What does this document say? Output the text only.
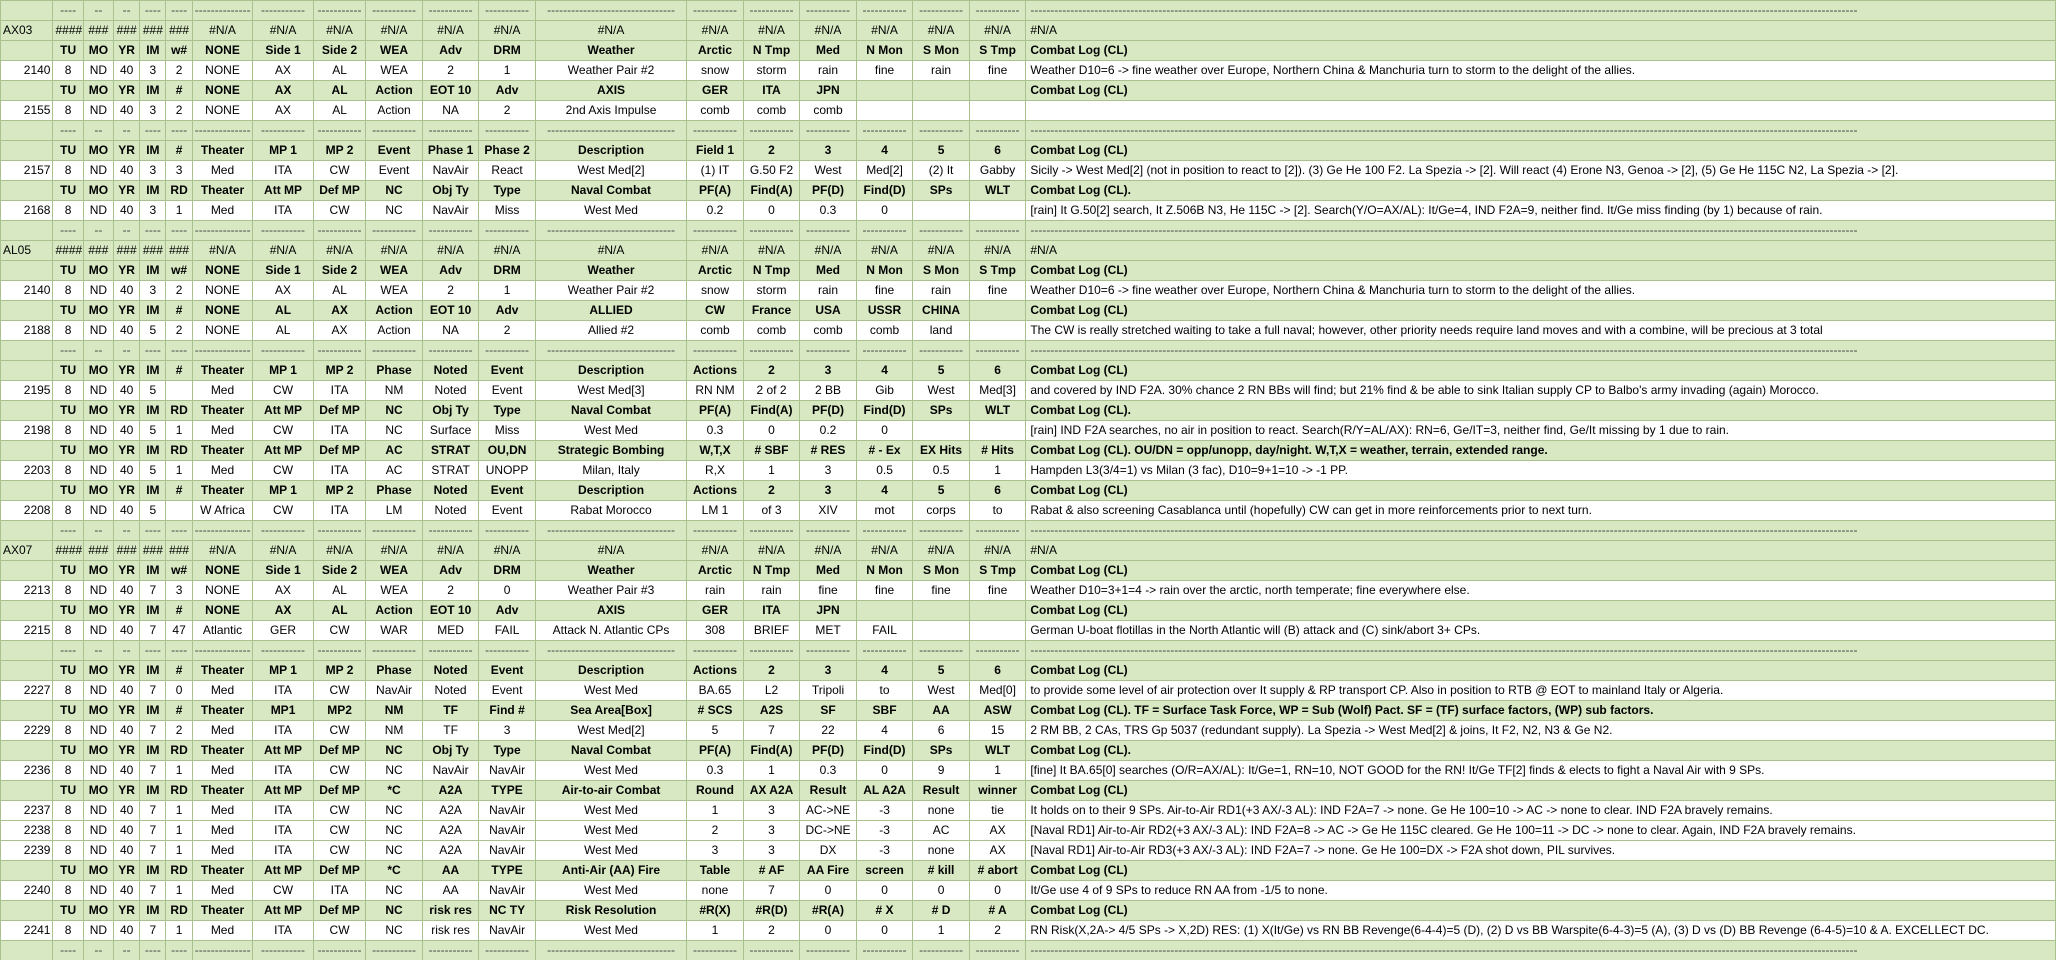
	----	--	--	----	----	--------------	-----------	-----------	-----------	-----------	-----------	--------------------------------	-----------	-----------	-----------	-----------	-----------	-----------	---------------------------------------------------------------------------------------------------------------------------------------------------------------------------------------------------------------
AX03	####	###	###	###	###	#N/A	#N/A	#N/A	#N/A	#N/A	#N/A	#N/A	#N/A	#N/A	#N/A	#N/A	#N/A	#N/A	#N/A
	TU	MO	YR	IM	w#	NONE	Side 1	Side 2	WEA	Adv	DRM	Weather	Arctic	N Tmp	Med	N Mon	S Mon	S Tmp	Combat Log (CL)
2140	8	ND	40	3	2	NONE	AX	AL	WEA	2	1	Weather Pair #2	snow	storm	rain	fine	rain	fine	Weather D10=6 -> fine weather over Europe, Northern China & Manchuria turn to storm to the delight of the allies.
	TU	MO	YR	IM	#	NONE	AX	AL	Action	EOT 10	Adv	AXIS	GER	ITA	JPN				Combat Log (CL)
2155	8	ND	40	3	2	NONE	AX	AL	Action	NA	2	2nd Axis Impulse	comb	comb	comb				
	----	--	--	----	----	--------------	-----------	-----------	-----------	-----------	-----------	--------------------------------	-----------	-----------	-----------	-----------	-----------	-----------	---------------------------------------------------------------------------------------------------------------------------------------------------------------------------------------------------------------
	TU	MO	YR	IM	#	Theater	MP 1	MP 2	Event	Phase 1	Phase 2	Description	Field 1	2	3	4	5	6	Combat Log (CL)
2157	8	ND	40	3	3	Med	ITA	CW	Event	NavAir	React	West Med[2]	(1) IT	G.50 F2	West	Med[2]	(2) It	Gabby	Sicily -> West Med[2] (not in position to react to [2]). (3) Ge He 100 F2. La Spezia -> [2]. Will react (4) Erone N3, Genoa -> [2], (5) Ge He 115C N2, La Spezia -> [2].
	TU	MO	YR	IM	RD	Theater	Att MP	Def MP	NC	Obj Ty	Type	Naval Combat	PF(A)	Find(A)	PF(D)	Find(D)	SPs	WLT	Combat Log (CL).
2168	8	ND	40	3	1	Med	ITA	CW	NC	NavAir	Miss	West Med	0.2	0	0.3	0			[rain] It G.50[2] search, It Z.506B N3, He 115C -> [2]. Search(Y/O=AX/AL): It/Ge=4, IND F2A=9, neither find. It/Ge miss finding (by 1) because of rain.
	----	--	--	----	----	--------------	-----------	-----------	-----------	-----------	-----------	--------------------------------	-----------	-----------	-----------	-----------	-----------	-----------	---------------------------------------------------------------------------------------------------------------------------------------------------------------------------------------------------------------
AL05	####	###	###	###	###	#N/A	#N/A	#N/A	#N/A	#N/A	#N/A	#N/A	#N/A	#N/A	#N/A	#N/A	#N/A	#N/A	#N/A
	TU	MO	YR	IM	w#	NONE	Side 1	Side 2	WEA	Adv	DRM	Weather	Arctic	N Tmp	Med	N Mon	S Mon	S Tmp	Combat Log (CL)
2140	8	ND	40	3	2	NONE	AX	AL	WEA	2	1	Weather Pair #2	snow	storm	rain	fine	rain	fine	Weather D10=6 -> fine weather over Europe, Northern China & Manchuria turn to storm to the delight of the allies.
	TU	MO	YR	IM	#	NONE	AL	AX	Action	EOT 10	Adv	ALLIED	CW	France	USA	USSR	CHINA		Combat Log (CL)
2188	8	ND	40	5	2	NONE	AL	AX	Action	NA	2	Allied #2	comb	comb	comb	comb	land		The CW is really stretched waiting to take a full naval; however, other priority needs require land moves and with a combine, will be precious at 3 total
	----	--	--	----	----	--------------	-----------	-----------	-----------	-----------	-----------	--------------------------------	-----------	-----------	-----------	-----------	-----------	-----------	---------------------------------------------------------------------------------------------------------------------------------------------------------------------------------------------------------------
	TU	MO	YR	IM	#	Theater	MP 1	MP 2	Phase	Noted	Event	Description	Actions	2	3	4	5	6	Combat Log (CL)
2195	8	ND	40	5		Med	CW	ITA	NM	Noted	Event	West Med[3]	RN NM	2 of 2	2 BB	Gib	West	Med[3]	and covered by IND F2A. 30% chance 2 RN BBs will find; but 21% find & be able to sink Italian supply CP to Balbo's army invading (again) Morocco.
	TU	MO	YR	IM	RD	Theater	Att MP	Def MP	NC	Obj Ty	Type	Naval Combat	PF(A)	Find(A)	PF(D)	Find(D)	SPs	WLT	Combat Log (CL).
2198	8	ND	40	5	1	Med	CW	ITA	NC	Surface	Miss	West Med	0.3	0	0.2	0			[rain] IND F2A searches, no air in position to react. Search(R/Y=AL/AX): RN=6, Ge/IT=3, neither find, Ge/It missing by 1 due to rain.
	TU	MO	YR	IM	RD	Theater	Att MP	Def MP	AC	STRAT	OU,DN	Strategic Bombing	W,T,X	# SBF	# RES	# - Ex	EX Hits	# Hits	Combat Log (CL). OU/DN = opp/unopp, day/night. W,T,X = weather, terrain, extended range.
2203	8	ND	40	5	1	Med	CW	ITA	AC	STRAT	UNOPP	Milan, Italy	R,X	1	3	0.5	0.5	1	Hampden L3(3/4=1) vs Milan (3 fac), D10=9+1=10 -> -1 PP.
	TU	MO	YR	IM	#	Theater	MP 1	MP 2	Phase	Noted	Event	Description	Actions	2	3	4	5	6	Combat Log (CL)
2208	8	ND	40	5		W Africa	CW	ITA	LM	Noted	Event	Rabat Morocco	LM 1	of 3	XIV	mot	corps	to	Rabat & also screening Casablanca until (hopefully) CW can get in more reinforcements prior to next turn.
	----	--	--	----	----	--------------	-----------	-----------	-----------	-----------	-----------	--------------------------------	-----------	-----------	-----------	-----------	-----------	-----------	---------------------------------------------------------------------------------------------------------------------------------------------------------------------------------------------------------------
AX07	####	###	###	###	###	#N/A	#N/A	#N/A	#N/A	#N/A	#N/A	#N/A	#N/A	#N/A	#N/A	#N/A	#N/A	#N/A	#N/A
	TU	MO	YR	IM	w#	NONE	Side 1	Side 2	WEA	Adv	DRM	Weather	Arctic	N Tmp	Med	N Mon	S Mon	S Tmp	Combat Log (CL)
2213	8	ND	40	7	3	NONE	AX	AL	WEA	2	0	Weather Pair #3	rain	rain	fine	fine	fine	fine	Weather D10=3+1=4 -> rain over the arctic, north temperate; fine everywhere else.
	TU	MO	YR	IM	#	NONE	AX	AL	Action	EOT 10	Adv	AXIS	GER	ITA	JPN				Combat Log (CL)
2215	8	ND	40	7	47	Atlantic	GER	CW	WAR	MED	FAIL	Attack N. Atlantic CPs	308	BRIEF	MET	FAIL			German U-boat flotillas in the North Atlantic will (B) attack and (C) sink/abort 3+ CPs.
	----	--	--	----	----	--------------	-----------	-----------	-----------	-----------	-----------	--------------------------------	-----------	-----------	-----------	-----------	-----------	-----------	---------------------------------------------------------------------------------------------------------------------------------------------------------------------------------------------------------------
	TU	MO	YR	IM	#	Theater	MP 1	MP 2	Phase	Noted	Event	Description	Actions	2	3	4	5	6	Combat Log (CL)
2227	8	ND	40	7	0	Med	ITA	CW	NavAir	Noted	Event	West Med	BA.65	L2	Tripoli	to	West	Med[0]	to provide some level of air protection over It supply & RP transport CP. Also in position to RTB @ EOT to mainland Italy or Algeria.
	TU	MO	YR	IM	#	Theater	MP1	MP2	NM	TF	Find #	Sea Area[Box]	# SCS	A2S	SF	SBF	AA	ASW	Combat Log (CL). TF = Surface Task Force, WP = Sub (Wolf) Pact. SF = (TF) surface factors, (WP) sub factors.
2229	8	ND	40	7	2	Med	ITA	CW	NM	TF	3	West Med[2]	5	7	22	4	6	15	2 RM BB, 2 CAs, TRS Gp 5037 (redundant supply). La Spezia -> West Med[2] & joins, It F2, N2, N3 & Ge N2.
	TU	MO	YR	IM	RD	Theater	Att MP	Def MP	NC	Obj Ty	Type	Naval Combat	PF(A)	Find(A)	PF(D)	Find(D)	SPs	WLT	Combat Log (CL).
2236	8	ND	40	7	1	Med	ITA	CW	NC	NavAir	NavAir	West Med	0.3	1	0.3	0	9	1	[fine] It BA.65[0] searches (O/R=AX/AL): It/Ge=1, RN=10, NOT GOOD for the RN! It/Ge TF[2] finds & elects to fight a Naval Air with 9 SPs.
	TU	MO	YR	IM	RD	Theater	Att MP	Def MP	*C	A2A	TYPE	Air-to-air Combat	Round	AX A2A	Result	AL A2A	Result	winner	Combat Log (CL)
2237	8	ND	40	7	1	Med	ITA	CW	NC	A2A	NavAir	West Med	1	3	AC->NE	-3	none	tie	It holds on to their 9 SPs. Air-to-Air RD1(+3 AX/-3 AL): IND F2A=7 -> none. Ge He 100=10 -> AC -> none to clear. IND F2A bravely remains.
2238	8	ND	40	7	1	Med	ITA	CW	NC	A2A	NavAir	West Med	2	3	DC->NE	-3	AC	AX	[Naval RD1] Air-to-Air RD2(+3 AX/-3 AL): IND F2A=8 -> AC -> Ge He 115C cleared. Ge He 100=11 -> DC -> none to clear. Again, IND F2A bravely remains.
2239	8	ND	40	7	1	Med	ITA	CW	NC	A2A	NavAir	West Med	3	3	DX	-3	none	AX	[Naval RD1] Air-to-Air RD3(+3 AX/-3 AL): IND F2A=7 -> none. Ge He 100=DX -> F2A shot down, PIL survives.
	TU	MO	YR	IM	RD	Theater	Att MP	Def MP	*C	AA	TYPE	Anti-Air (AA) Fire	Table	# AF	AA Fire	screen	# kill	# abort	Combat Log (CL)
2240	8	ND	40	7	1	Med	CW	ITA	NC	AA	NavAir	West Med	none	7	0	0	0	0	It/Ge use 4 of 9 SPs to reduce RN AA from -1/5 to none.
	TU	MO	YR	IM	RD	Theater	Att MP	Def MP	NC	risk res	NC TY	Risk Resolution	#R(X)	#R(D)	#R(A)	# X	# D	# A	Combat Log (CL)
2241	8	ND	40	7	1	Med	ITA	CW	NC	risk res	NavAir	West Med	1	2	0	0	1	2	RN Risk(X,2A-> 4/5 SPs -> X,2D) RES: (1) X(It/Ge) vs RN BB Revenge(6-4-4)=5 (D), (2) D vs BB Warspite(6-4-3)=5 (A), (3) D vs (D) BB Revenge (6-4-5)=10 & A. EXCELLECT DC.
	----	--	--	----	----	--------------	-----------	-----------	-----------	-----------	-----------	--------------------------------	-----------	-----------	-----------	-----------	-----------	-----------	---------------------------------------------------------------------------------------------------------------------------------------------------------------------------------------------------------------
